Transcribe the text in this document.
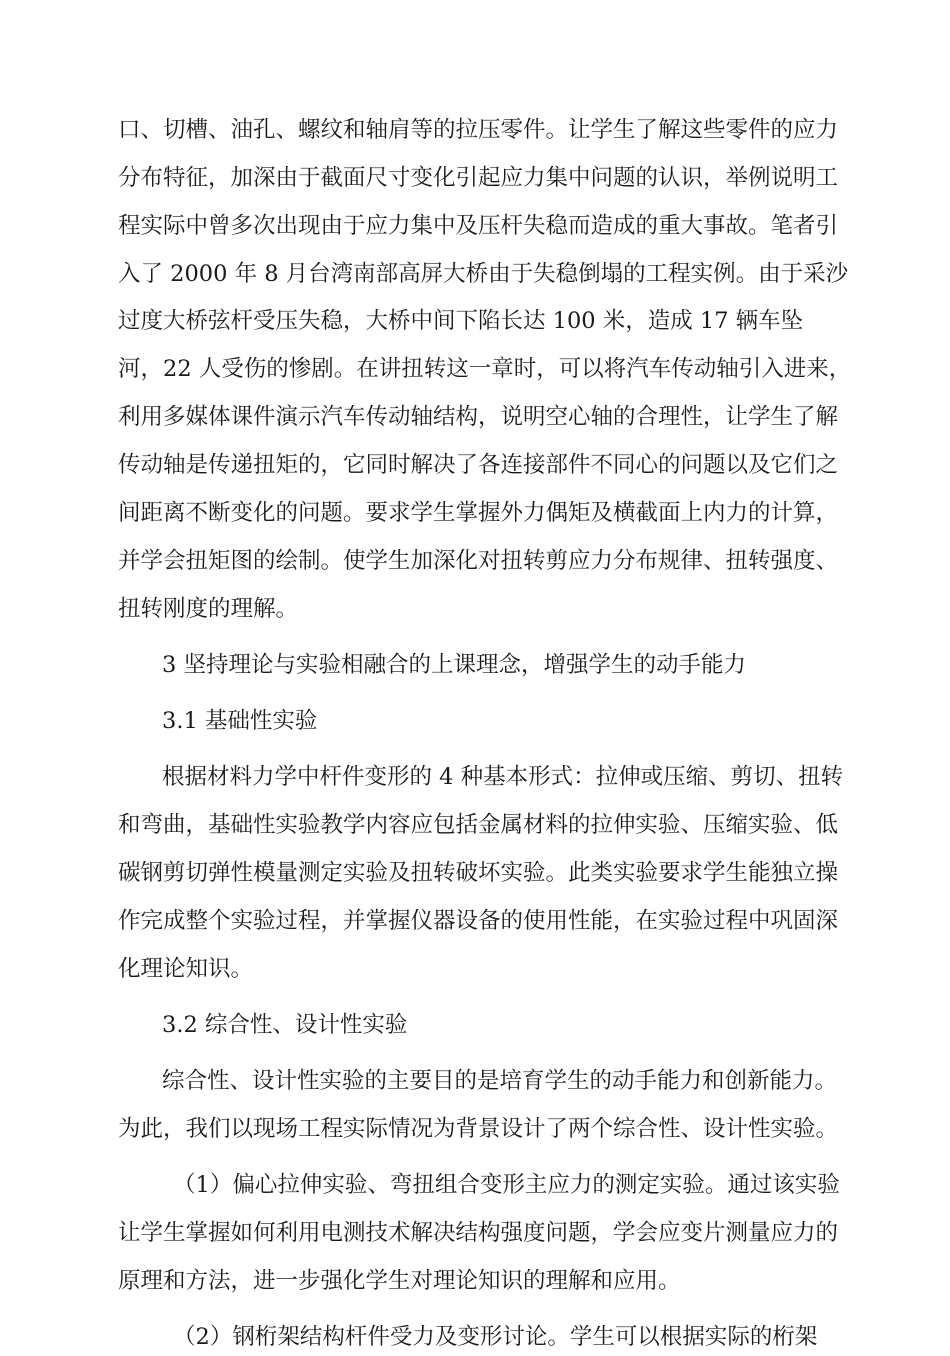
口、切槽、油孔、螺纹和轴肩等的拉压零件。让学生了解这些零件的应力
分布特征，加深由于截面尺寸变化引起应力集中问题的认识，举例说明工
程实际中曾多次出现由于应力集中及压杆失稳而造成的重大事故。笔者引
入了 2000 年 8 月台湾南部高屏大桥由于失稳倒塌的工程实例。由于采沙
过度大桥弦杆受压失稳，大桥中间下陷长达 100 米，造成 17 辆车坠
河，22 人受伤的惨剧。在讲扭转这一章时，可以将汽车传动轴引入进来，
利用多媒体课件演示汽车传动轴结构，说明空心轴的合理性，让学生了解
传动轴是传递扭矩的，它同时解决了各连接部件不同心的问题以及它们之
间距离不断变化的问题。要求学生掌握外力偶矩及横截面上内力的计算，
并学会扭矩图的绘制。使学生加深化对扭转剪应力分布规律、扭转强度、
扭转刚度的理解。
3 坚持理论与实验相融合的上课理念，增强学生的动手能力
3.1 基础性实验
根据材料力学中杆件变形的 4 种基本形式：拉伸或压缩、剪切、扭转
和弯曲，基础性实验教学内容应包括金属材料的拉伸实验、压缩实验、低
碳钢剪切弹性模量测定实验及扭转破坏实验。此类实验要求学生能独立操
作完成整个实验过程，并掌握仪器设备的使用性能，在实验过程中巩固深
化理论知识。
3.2 综合性、设计性实验
综合性、设计性实验的主要目的是培育学生的动手能力和创新能力。
为此，我们以现场工程实际情况为背景设计了两个综合性、设计性实验。
（1）偏心拉伸实验、弯扭组合变形主应力的测定实验。通过该实验
让学生掌握如何利用电测技术解决结构强度问题，学会应变片测量应力的
原理和方法，进一步强化学生对理论知识的理解和应用。
（2）钢桁架结构杆件受力及变形讨论。学生可以根据实际的桁架
